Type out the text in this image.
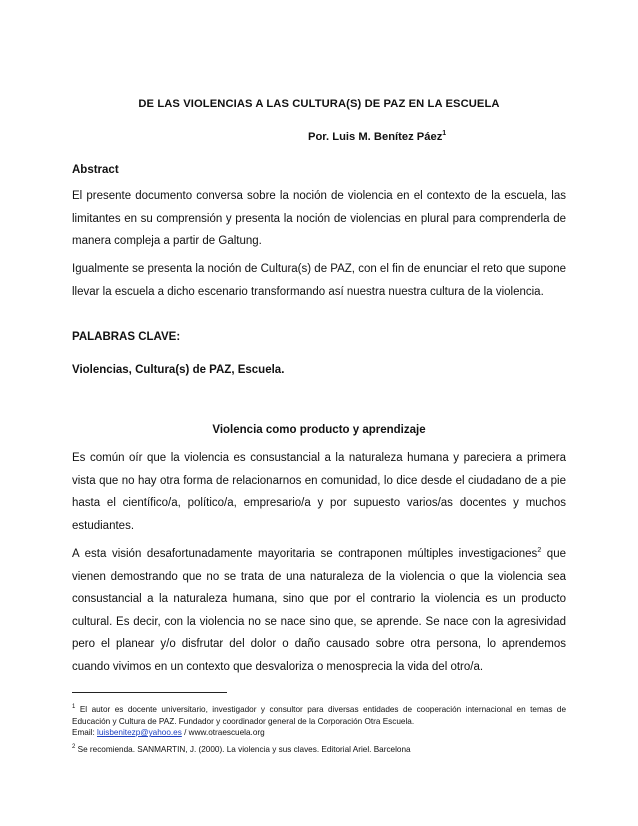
DE LAS VIOLENCIAS A LAS CULTURA(S) DE PAZ EN LA ESCUELA
Por. Luis M. Benítez Páez$^1$
Abstract
El presente documento conversa sobre la noción de violencia en el contexto de la escuela, las limitantes en su comprensión y presenta la noción de violencias en plural para comprenderla de manera compleja a partir de Galtung.
Igualmente se presenta la noción de Cultura(s) de PAZ, con el fin de enunciar el reto que supone llevar la escuela a dicho escenario transformando así nuestra nuestra cultura de la violencia.
PALABRAS CLAVE:
Violencias, Cultura(s) de PAZ, Escuela.
Violencia como producto y aprendizaje
Es común oír que la violencia es consustancial a la naturaleza humana y pareciera a primera vista que no hay otra forma de relacionarnos en comunidad, lo dice desde el ciudadano de a pie hasta el científico/a, político/a, empresario/a y por supuesto varios/as docentes y muchos estudiantes.
A esta visión desafortunadamente mayoritaria se contraponen múltiples investigaciones$^2$ que vienen demostrando que no se trata de una naturaleza de la violencia o que la violencia sea consustancial a la naturaleza humana, sino que por el contrario la violencia es un producto cultural. Es decir, con la violencia no se nace sino que, se aprende. Se nace con la agresividad pero el planear y/o disfrutar del dolor o daño causado sobre otra persona, lo aprendemos cuando vivimos en un contexto que desvaloriza o menosprecia la vida del otro/a.
$^1$ El autor es docente universitario, investigador y consultor para diversas entidades de cooperación internacional en temas de Educación y Cultura de PAZ. Fundador y coordinador general de la Corporación Otra Escuela.
Email: luisbenitezp@yahoo.es / www.otraescuela.org
$^2$ Se recomienda. SANMARTIN, J. (2000). La violencia y sus claves. Editorial Ariel. Barcelona
